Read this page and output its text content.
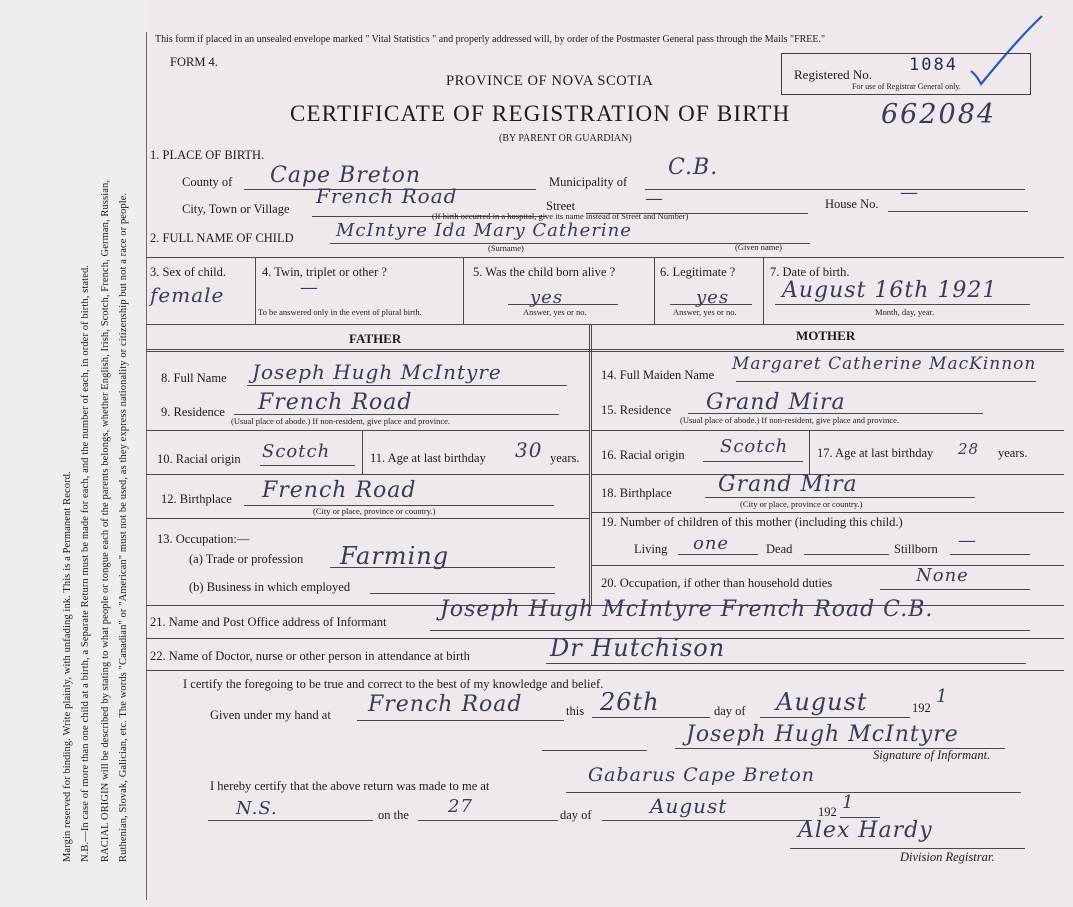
Margin reserved for binding. Write plainly, with unfading ink. This is a Permanent Record. N.B.—In case of more than one child at a birth, a Separate Return must be made for each, and the number of each, in order of birth, stated. RACIAL ORIGIN will be described by stating to what people or tongue each of the parents belongs, whether English, Irish, Scotch, French, German, Russian, Ruthenian, Slovak, Galician, etc. The words "Canadian" or "American" must not be used, as they express nationality or citizenship but not a race or people.
This form if placed in an unsealed envelope marked " Vital Statistics " and properly addressed will, by order of the Postmaster General pass through the Mails "FREE."
FORM 4.
PROVINCE OF NOVA SCOTIA
CERTIFICATE OF REGISTRATION OF BIRTH	662084
(BY PARENT OR GUARDIAN)
Registered No. 1084
For use of Registrar General only.
1. PLACE OF BIRTH.
County of Cape Breton	Municipality of
C.B.
City, Town or Village
French Road	Street	—	House No.
—
(If birth occurred in a hospital, give its name instead of Street and Number)
2. FULL NAME OF CHILD McIntyre Ida Mary Catherine
(Surname)	(Given name)
3. Sex of child.
female
4. Twin, triplet or other ?
—
To be answered only in the event of plural birth.
5. Was the child born alive ?
yes
Answer, yes or no.
6. Legitimate ?
yes
Answer, yes or no.
7. Date of birth.
August 16th 1921
Month, day, year.
FATHER	MOTHER
8. Full Name Joseph Hugh McIntyre
9. Residence French Road
(Usual place of abode.) If non-resident, give place and province.
10. Racial origin Scotch	11. Age at last birthday 30 years.
12. Birthplace French Road
(City or place, province or country.)
13. Occupation:—
(a) Trade or profession Farming
(b) Business in which employed
14. Full Maiden Name
Margaret Catherine MacKinnon
15. Residence Grand Mira
(Usual place of abode.) If non-resident, give place and province.
16. Racial origin Scotch 17. Age at last birthday 28 years.
18. Birthplace Grand Mira
(City or place, province or country.)
19. Number of children of this mother (including this child.)
Living one	Dead	Stillborn —
20. Occupation, if other than household duties	None
21. Name and Post Office address of Informant Joseph Hugh McIntyre French Road C.B.
22. Name of Doctor, nurse or other person in attendance at birth	Dr Hutchison
I certify the foregoing to be true and correct to the best of my knowledge and belief.
Given under my hand at French Road	this 26th	day of August	192
1
Joseph Hugh McIntyre
Signature of Informant.
I hereby certify that the above return was made to me at	Gabarus Cape Breton
N.S.	on the 27	day of	August	192 1
Alex Hardy
Division Registrar.
